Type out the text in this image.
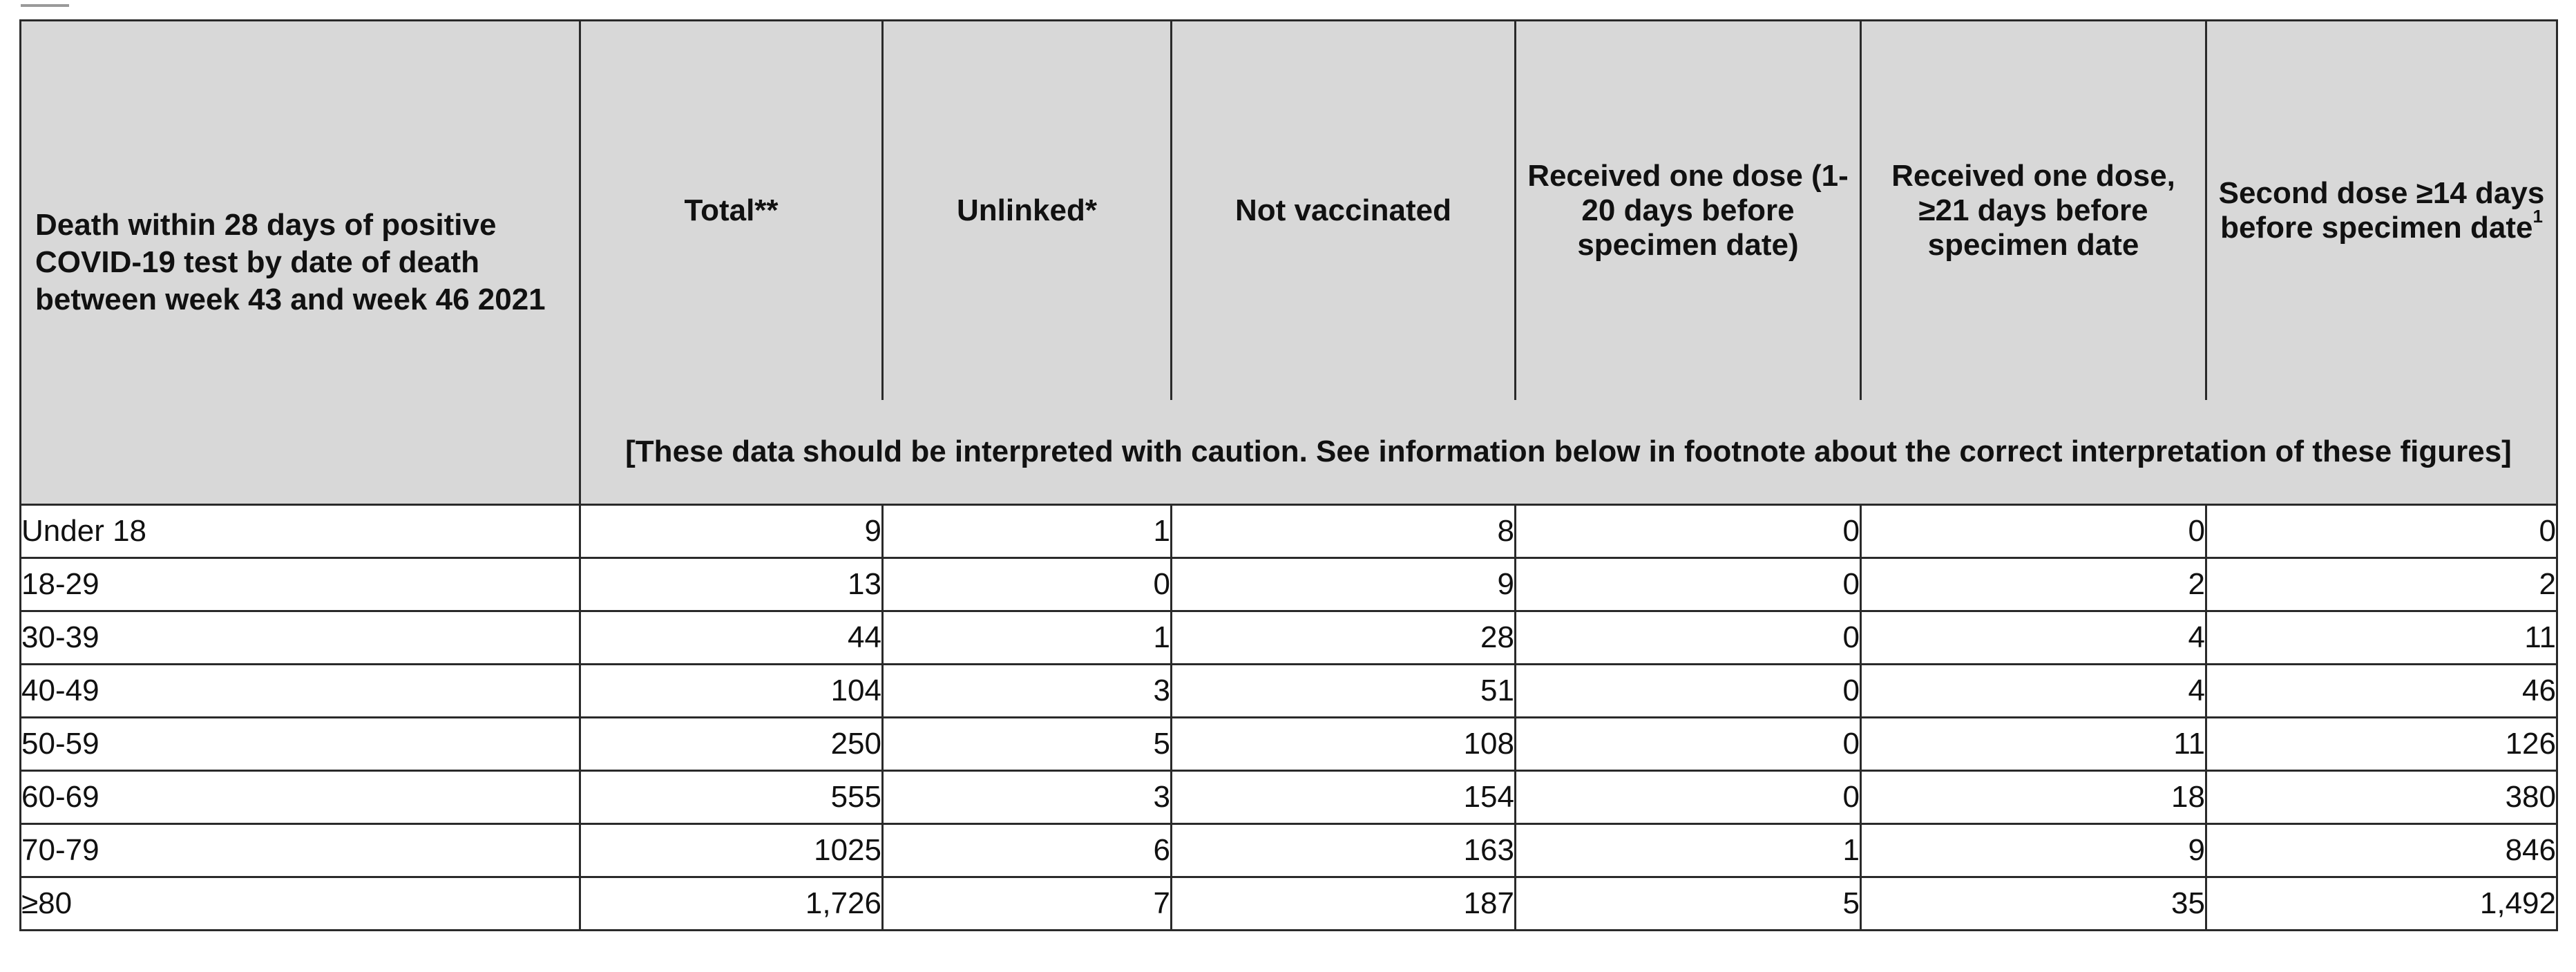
Death within 28 days of positive COVID-19 test by date of death between week 43 and week 46 2021	Total**	Unlinked*	Not vaccinated	Received one dose (1-20 days before specimen date)	Received one dose, ≥21 days before specimen date	Second dose ≥14 days before specimen date$^1$

	[These data should be interpreted with caution. See information below in footnote about the correct interpretation of these figures]					
Under 18	9	1	8	0	0	0
18-29	13	0	9	0	2	2
30-39	44	1	28	0	4	11
40-49	104	3	51	0	4	46
50-59	250	5	108	0	11	126
60-69	555	3	154	0	18	380
70-79	1025	6	163	1	9	846
≥80	1,726	7	187	5	35	1,492
